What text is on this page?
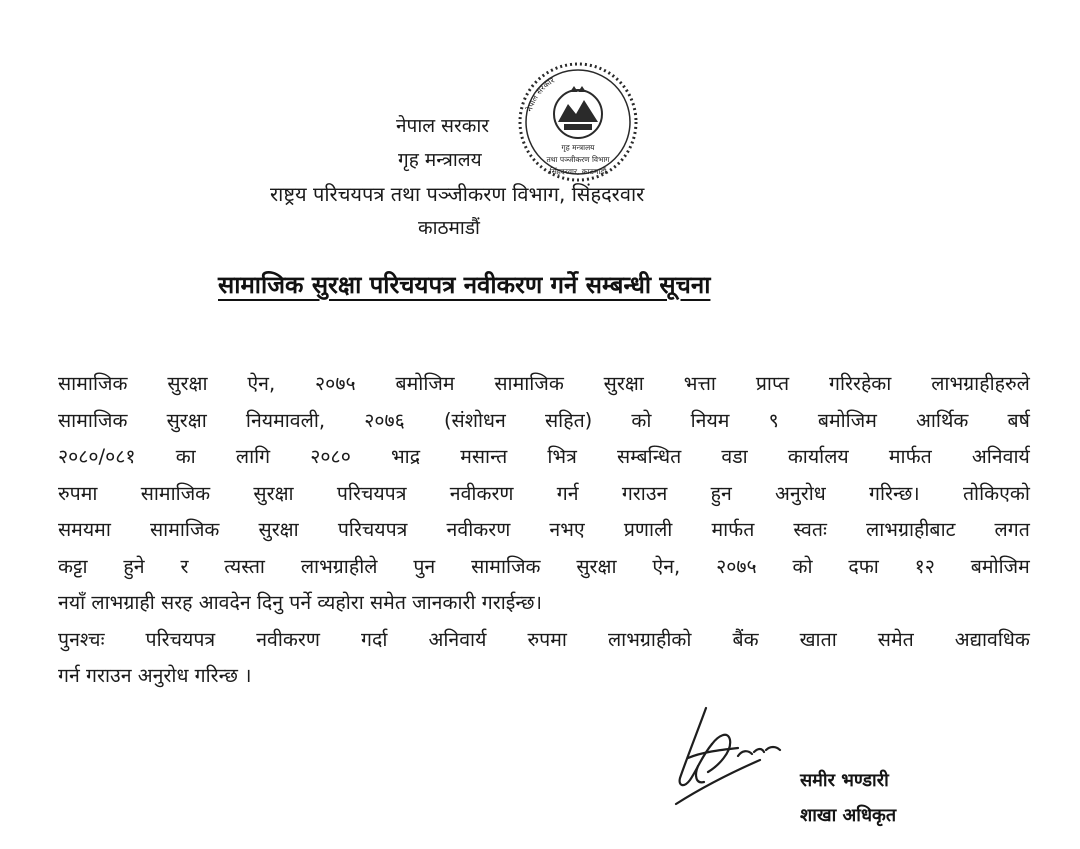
नेपाल सरकार
गृह मन्त्रालय
तथा पञ्जीकरण विभाग
सिंहदरवार, काठमाडौं
नेपाल सरकार
गृह मन्त्रालय
राष्ट्रय परिचयपत्र तथा पञ्जीकरण विभाग, सिंहदरवार
काठमाडौं
सामाजिक सुरक्षा परिचयपत्र नवीकरण गर्ने सम्बन्धी सूचना
सामाजिक सुरक्षा ऐन, २०७५ बमोजिम सामाजिक सुरक्षा भत्ता प्राप्त गरिरहेका लाभग्राहीहरुले
सामाजिक सुरक्षा नियमावली, २०७६ (संशोधन सहित) को नियम ९ बमोजिम आर्थिक बर्ष
२०८०/०८१ का लागि २०८० भाद्र मसान्त भित्र सम्बन्धित वडा कार्यालय मार्फत अनिवार्य
रुपमा सामाजिक सुरक्षा परिचयपत्र नवीकरण गर्न गराउन हुन अनुरोध गरिन्छ। तोकिएको
समयमा सामाजिक सुरक्षा परिचयपत्र नवीकरण नभए प्रणाली मार्फत स्वतः लाभग्राहीबाट लगत
कट्टा हुने र त्यस्ता लाभग्राहीले पुन सामाजिक सुरक्षा ऐन, २०७५ को दफा १२ बमोजिम
नयाँ लाभग्राही सरह आवदेन दिनु पर्ने व्यहोरा समेत जानकारी गराईन्छ।
पुनश्चः परिचयपत्र नवीकरण गर्दा अनिवार्य रुपमा लाभग्राहीको बैंक खाता समेत अद्यावधिक
गर्न गराउन अनुरोध गरिन्छ ।
समीर भण्डारी
शाखा अधिकृत
